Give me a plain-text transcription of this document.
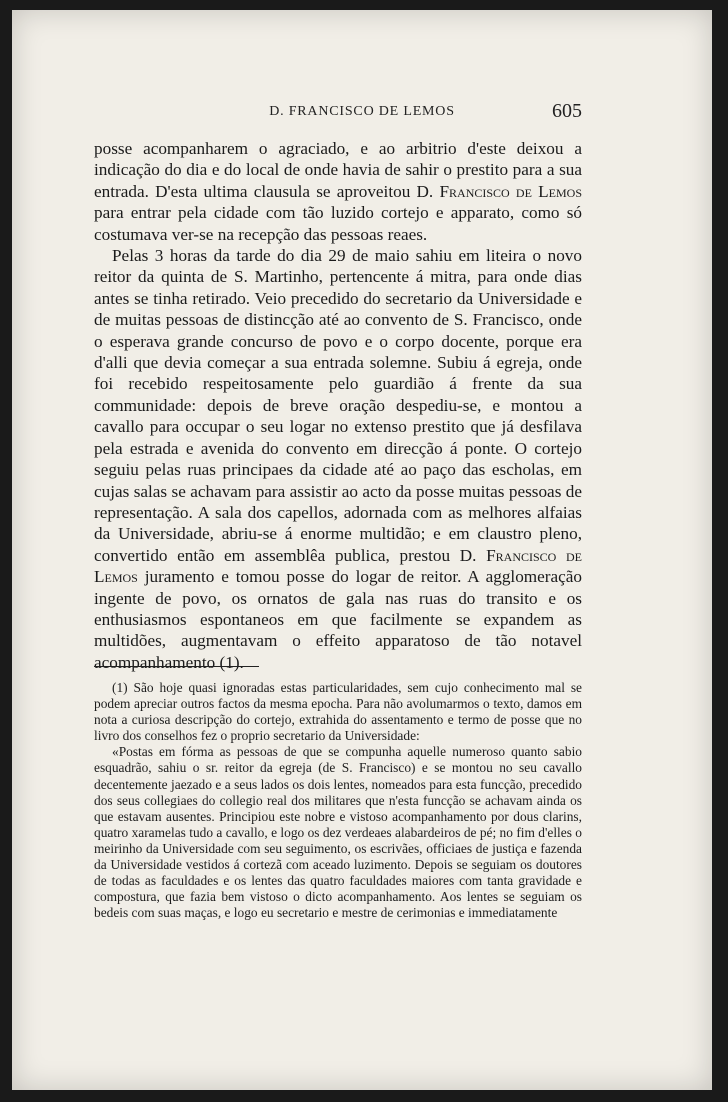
D. FRANCISCO DE LEMOS	605

posse acompanharem o agraciado, e ao arbitrio d'este deixou a indicação do dia e do local de onde havia de sahir o prestito para a sua entrada. D'esta ultima clausula se aproveitou D. Francisco de Lemos para entrar pela cidade com tão luzido cortejo e apparato, como só costumava ver-se na recepção das pessoas reaes.

Pelas 3 horas da tarde do dia 29 de maio sahiu em liteira o novo reitor da quinta de S. Martinho, pertencente á mitra, para onde dias antes se tinha retirado. Veio precedido do secretario da Universidade e de muitas pessoas de distincção até ao convento de S. Francisco, onde o esperava grande concurso de povo e o corpo docente, porque era d'alli que devia começar a sua entrada solemne. Subiu á egreja, onde foi recebido respeitosamente pelo guardião á frente da sua communidade: depois de breve oração despediu-se, e montou a cavallo para occupar o seu logar no extenso prestito que já desfilava pela estrada e avenida do convento em direcção á ponte. O cortejo seguiu pelas ruas principaes da cidade até ao paço das escholas, em cujas salas se achavam para assistir ao acto da posse muitas pessoas de representação. A sala dos capellos, adornada com as melhores alfaias da Universidade, abriu-se á enorme multidão; e em claustro pleno, convertido então em assemblêa publica, prestou D. Francisco de Lemos juramento e tomou posse do logar de reitor. A agglomeração ingente de povo, os ornatos de gala nas ruas do transito e os enthusiasmos espontaneos em que facilmente se expandem as multidões, augmentavam o effeito apparatoso de tão notavel acompanhamento (1).

(1) São hoje quasi ignoradas estas particularidades, sem cujo conhecimento mal se podem apreciar outros factos da mesma epocha. Para não avolumarmos o texto, damos em nota a curiosa descripção do cortejo, extrahida do assentamento e termo de posse que no livro dos conselhos fez o proprio secretario da Universidade:

«Postas em fórma as pessoas de que se compunha aquelle numeroso quanto sabio esquadrão, sahiu o sr. reitor da egreja (de S. Francisco) e se montou no seu cavallo decentemente jaezado e a seus lados os dois lentes, nomeados para esta funcção, precedido dos seus collegiaes do collegio real dos militares que n'esta funcção se achavam ainda os que estavam ausentes. Principiou este nobre e vistoso acompanhamento por dous clarins, quatro xaramelas tudo a cavallo, e logo os dez verdeaes alabardeiros de pé; no fim d'elles o meirinho da Universidade com seu seguimento, os escrivães, officiaes de justiça e fazenda da Universidade vestidos á cortezã com aceado luzimento. Depois se seguiam os doutores de todas as faculdades e os lentes das quatro faculdades maiores com tanta gravidade e compostura, que fazia bem vistoso o dicto acompanhamento. Aos lentes se seguiam os bedeis com suas maças, e logo eu secretario e mestre de cerimonias e immediatamente
